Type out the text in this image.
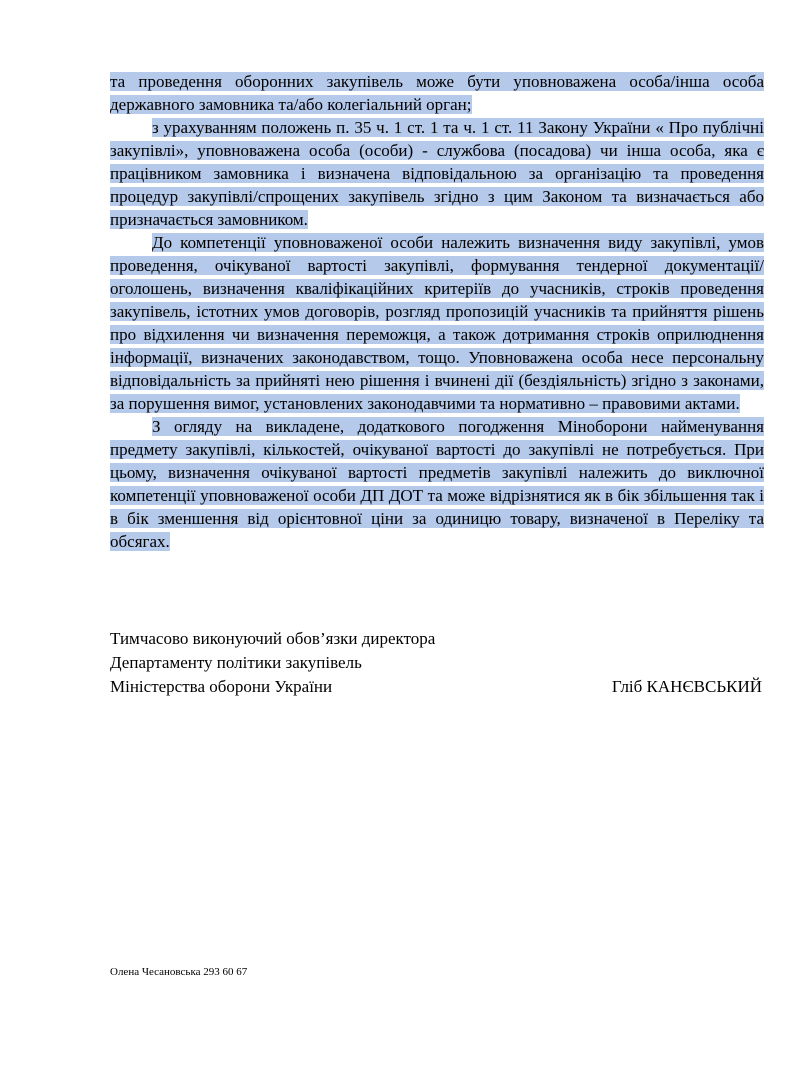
та проведення оборонних закупівель може бути уповноважена особа/інша особа державного замовника та/або колегіальний орган;

з урахуванням положень п. 35 ч. 1 ст. 1 та ч. 1 ст. 11 Закону України « Про публічні закупівлі», уповноважена особа (особи) - службова (посадова) чи інша особа, яка є працівником замовника і визначена відповідальною за організацію та проведення процедур закупівлі/спрощених закупівель згідно з цим Законом та визначається або призначається замовником.

До компетенції уповноваженої особи належить визначення виду закупівлі, умов проведення, очікуваної вартості закупівлі, формування тендерної документації/ оголошень, визначення кваліфікаційних критеріїв до учасників, строків проведення закупівель, істотних умов договорів, розгляд пропозицій учасників та прийняття рішень про відхилення чи визначення переможця, а також дотримання строків оприлюднення інформації, визначених законодавством, тощо. Уповноважена особа несе персональну відповідальність за прийняті нею рішення і вчинені дії (бездіяльність) згідно з законами, за порушення вимог, установлених законодавчими та нормативно – правовими актами.

З огляду на викладене, додаткового погодження Міноборони найменування предмету закупівлі, кількостей, очікуваної вартості до закупівлі не потребується. При цьому, визначення очікуваної вартості предметів закупівлі належить до виключної компетенції уповноваженої особи ДП ДОТ та може відрізнятися як в бік збільшення так і в бік зменшення від орієнтовної ціни за одиницю товару, визначеної в Переліку та обсягах.

Тимчасово виконуючий обов’язки директора
Департаменту політики закупівель
Міністерства оборони України	Гліб КАНЄВСЬКИЙ
Олена Чесановська 293 60 67
